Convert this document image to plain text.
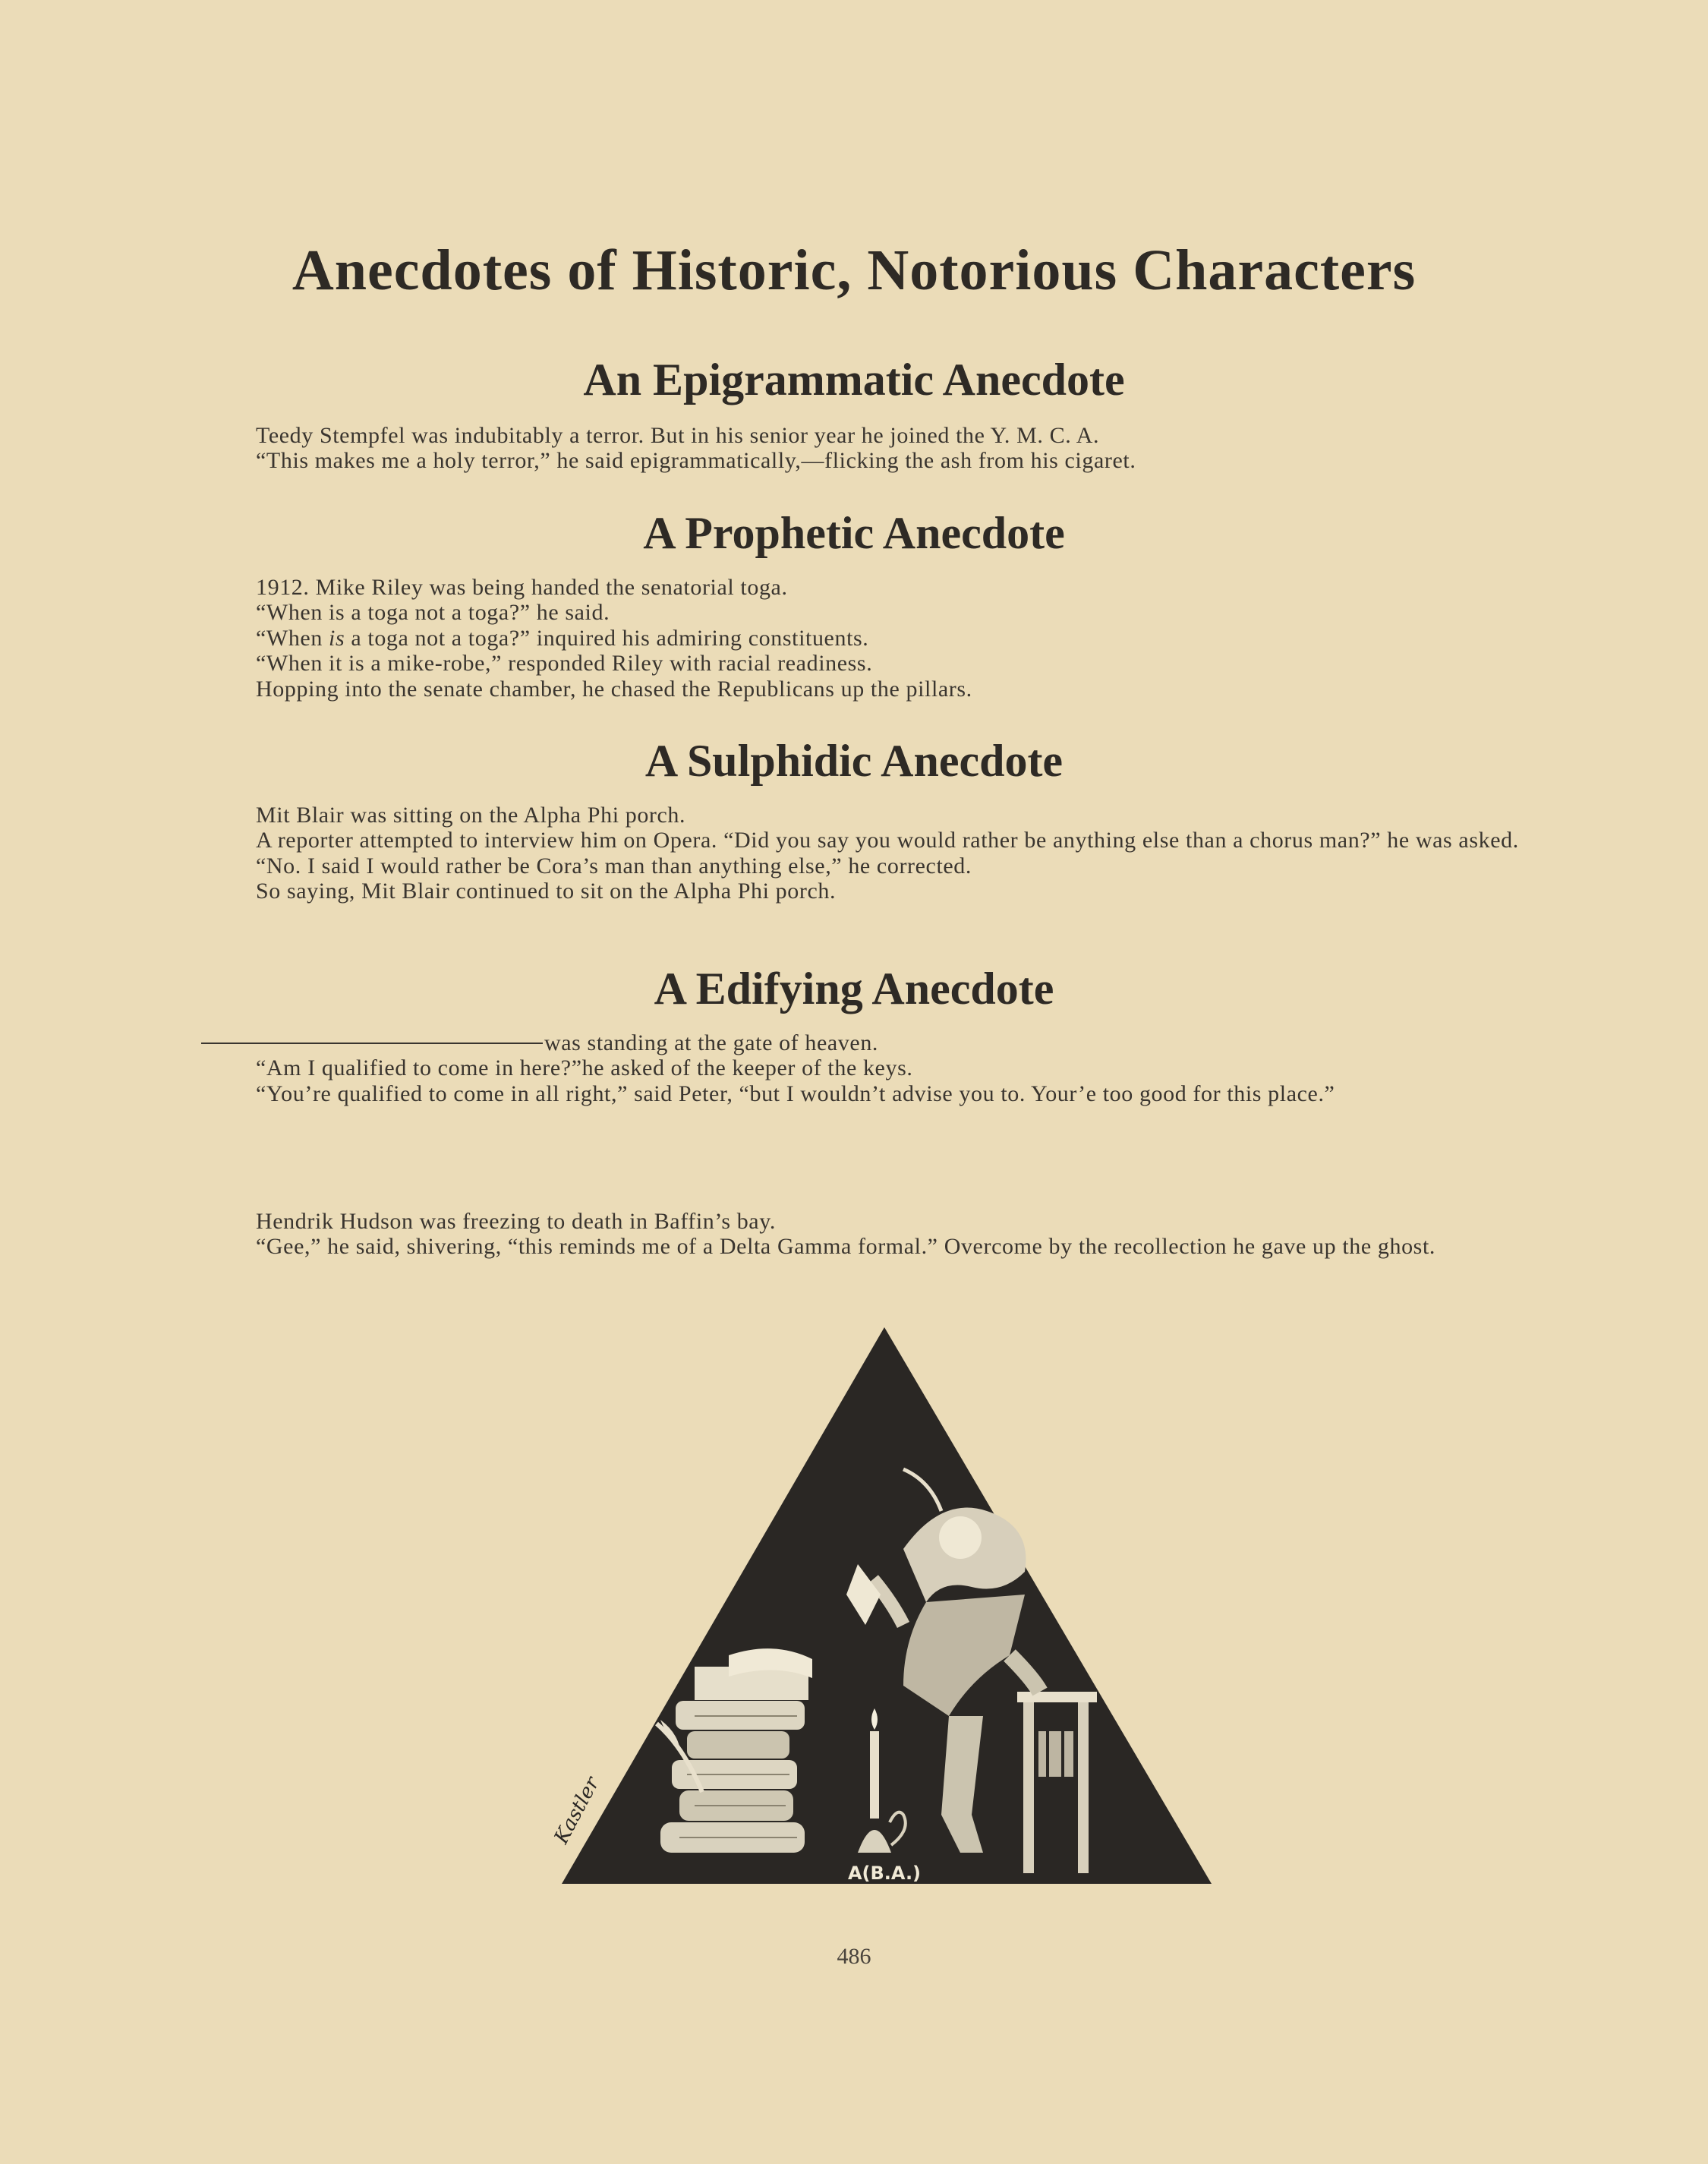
Anecdotes of Historic, Notorious Characters
An Epigrammatic Anecdote
Teedy Stempfel was indubitably a terror. But in his senior year he joined the Y. M. C. A.
“This makes me a holy terror,” he said epigrammatically,—flicking the ash from his cigaret.
A Prophetic Anecdote
1912. Mike Riley was being handed the senatorial toga.
“When is a toga not a toga?” he said.
“When is a toga not a toga?” inquired his admiring constituents.
“When it is a mike-robe,” responded Riley with racial readiness.
Hopping into the senate chamber, he chased the Republicans up the pillars.
A Sulphidic Anecdote
Mit Blair was sitting on the Alpha Phi porch.
A reporter attempted to interview him on Opera. “Did you say you would rather be anything else than a chorus man?” he was asked.
“No. I said I would rather be Cora’s man than anything else,” he corrected.
So saying, Mit Blair continued to sit on the Alpha Phi porch.
A Edifying Anecdote
was standing at the gate of heaven.
“Am I qualified to come in here?”he asked of the keeper of the keys.
“You’re qualified to come in all right,” said Peter, “but I wouldn’t advise you to. Your’e too good for this place.”
Hendrik Hudson was freezing to death in Baffin’s bay.
“Gee,” he said, shivering, “this reminds me of a Delta Gamma formal.” Overcome by the recollection he gave up the ghost.
Kastler
A(B.A.)
486
